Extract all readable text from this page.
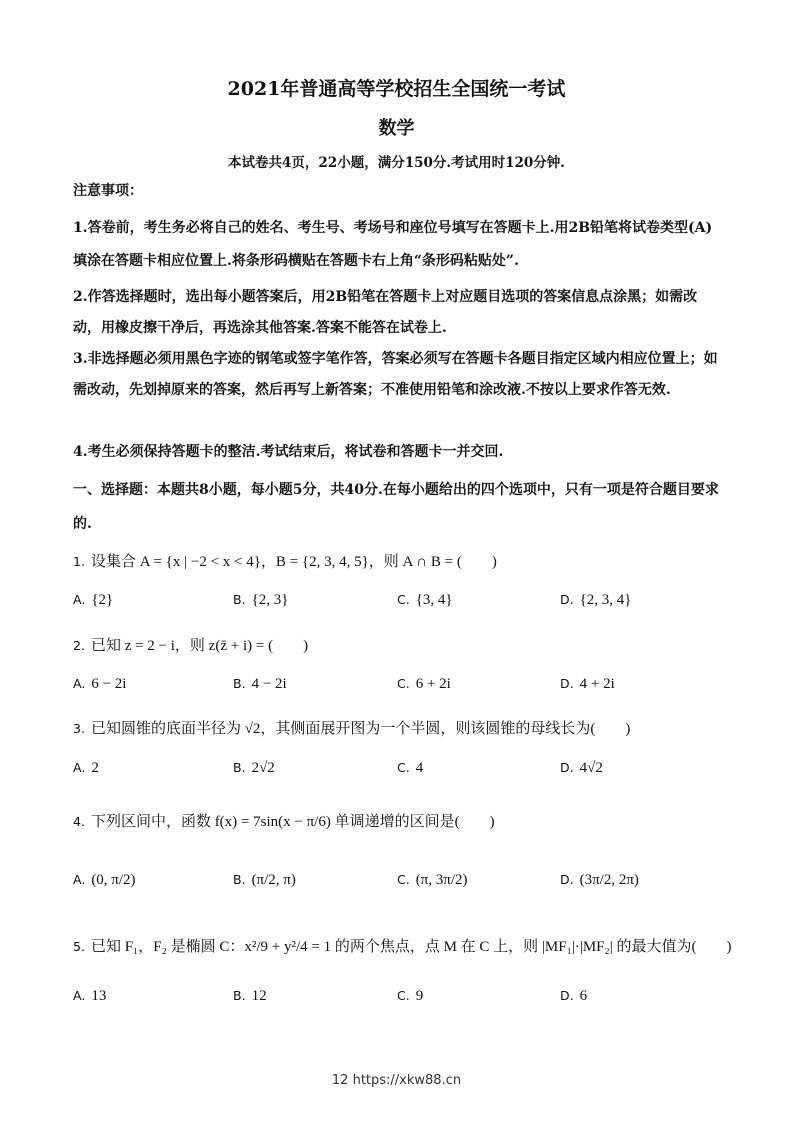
2021年普通高等学校招生全国统一考试
数学
本试卷共4页，22小题，满分150分.考试用时120分钟.
注意事项：
1.答卷前，考生务必将自己的姓名、考生号、考场号和座位号填写在答题卡上.用2B铅笔将试卷类型(A)填涂在答题卡相应位置上.将条形码横贴在答题卡右上角“条形码粘贴处”.
2.作答选择题时，选出每小题答案后，用2B铅笔在答题卡上对应题目选项的答案信息点涂黑；如需改动，用橡皮擦干净后，再选涂其他答案.答案不能答在试卷上.
3.非选择题必须用黑色字迹的钢笔或签字笔作答，答案必须写在答题卡各题目指定区域内相应位置上；如需改动，先划掉原来的答案，然后再写上新答案；不准使用铅笔和涂改液.不按以上要求作答无效.
4.考生必须保持答题卡的整洁.考试结束后，将试卷和答题卡一并交回.
一、选择题：本题共8小题，每小题5分，共40分.在每小题给出的四个选项中，只有一项是符合题目要求的.
1. 设集合 A = {x | −2 < x < 4}，B = {2, 3, 4, 5}，则 A ∩ B = (　　)
A. {2}	B. {2, 3}	C. {3, 4}	D. {2, 3, 4}
2. 已知 z = 2 − i，则 z(z̄ + i) = (　　)
A. 6 − 2i	B. 4 − 2i	C. 6 + 2i	D. 4 + 2i
3. 已知圆锥的底面半径为 √2，其侧面展开图为一个半圆，则该圆锥的母线长为(　　)
A. 2	B. 2√2	C. 4	D. 4√2
4. 下列区间中，函数 f(x) = 7sin(x − π/6) 单调递增的区间是(　　)
A. (0, π/2)	B. (π/2, π)	C. (π, 3π/2)	D. (3π/2, 2π)
5. 已知 F₁，F₂ 是椭圆 C：x²/9 + y²/4 = 1 的两个焦点，点 M 在 C 上，则 |MF₁|·|MF₂| 的最大值为(　　)
A. 13	B. 12	C. 9	D. 6
12 https://xkw88.cn
